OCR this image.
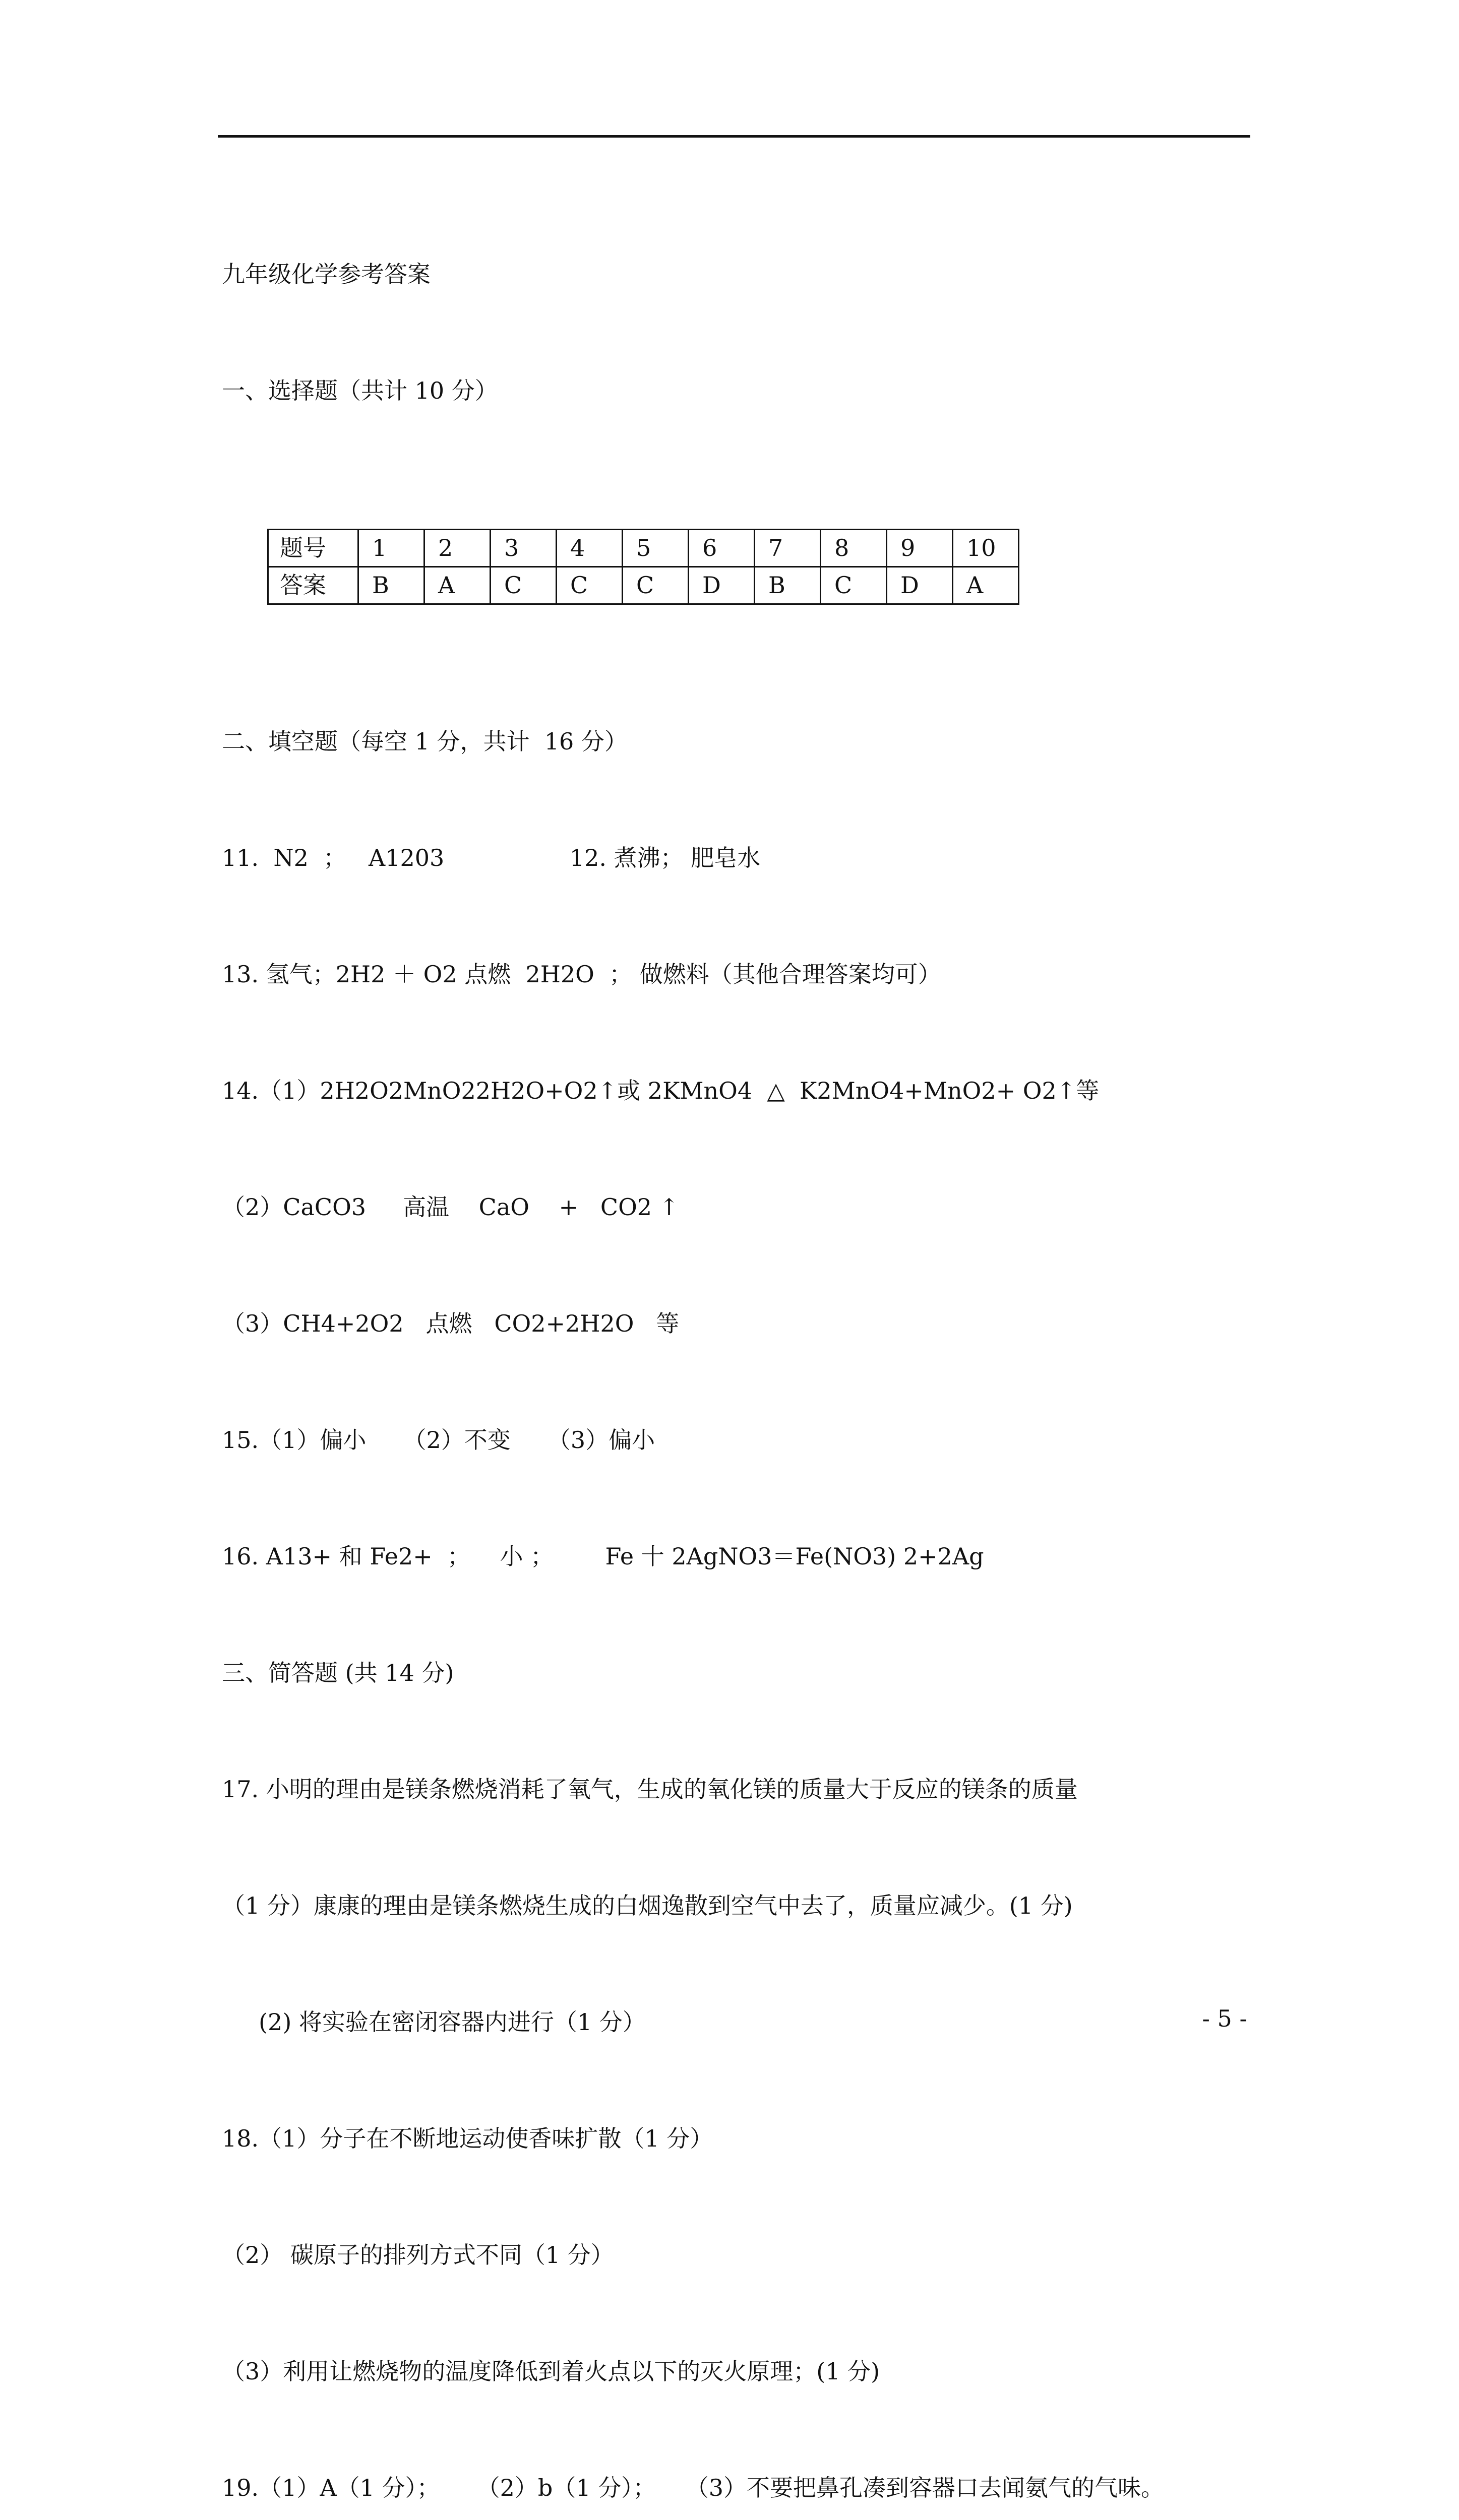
九年级化学参考答案

一、选择题（共计 10 分）

题号	1	2	3	4	5	6	7	8	9	10
答案	B	A	C	C	C	D	B	C	D	A

二、填空题（每空 1 分，共计  16 分）

11.  N2  ；   A1203                 12. 煮沸； 肥皂水

13. 氢气；2H2 ＋ O2 点燃  2H2O  ； 做燃料（其他合理答案均可）

14.（1）2H2O2MnO22H2O+O2↑或 2KMnO4  △  K2MnO4+MnO2+ O2↑等

（2）CaCO3     高温    CaO    +   CO2 ↑

（3）CH4+2O2   点燃   CO2+2H2O   等

15.（1）偏小     （2）不变     （3）偏小

16. A13+ 和 Fe2+  ；    小 ；       Fe 十 2AgNO3＝Fe(NO3) 2+2Ag

三、简答题 (共 14 分)

17. 小明的理由是镁条燃烧消耗了氧气，生成的氧化镁的质量大于反应的镁条的质量

（1 分）康康的理由是镁条燃烧生成的白烟逸散到空气中去了，质量应减少。(1 分)

(2) 将实验在密闭容器内进行（1 分）

18.（1）分子在不断地运动使香味扩散（1 分）

（2） 碳原子的排列方式不同（1 分）

（3）利用让燃烧物的温度降低到着火点以下的灭火原理；(1 分)

19.（1）A（1 分）；     （2）b（1 分）；    （3）不要把鼻孔凑到容器口去闻氨气的气味。

- 5 -
